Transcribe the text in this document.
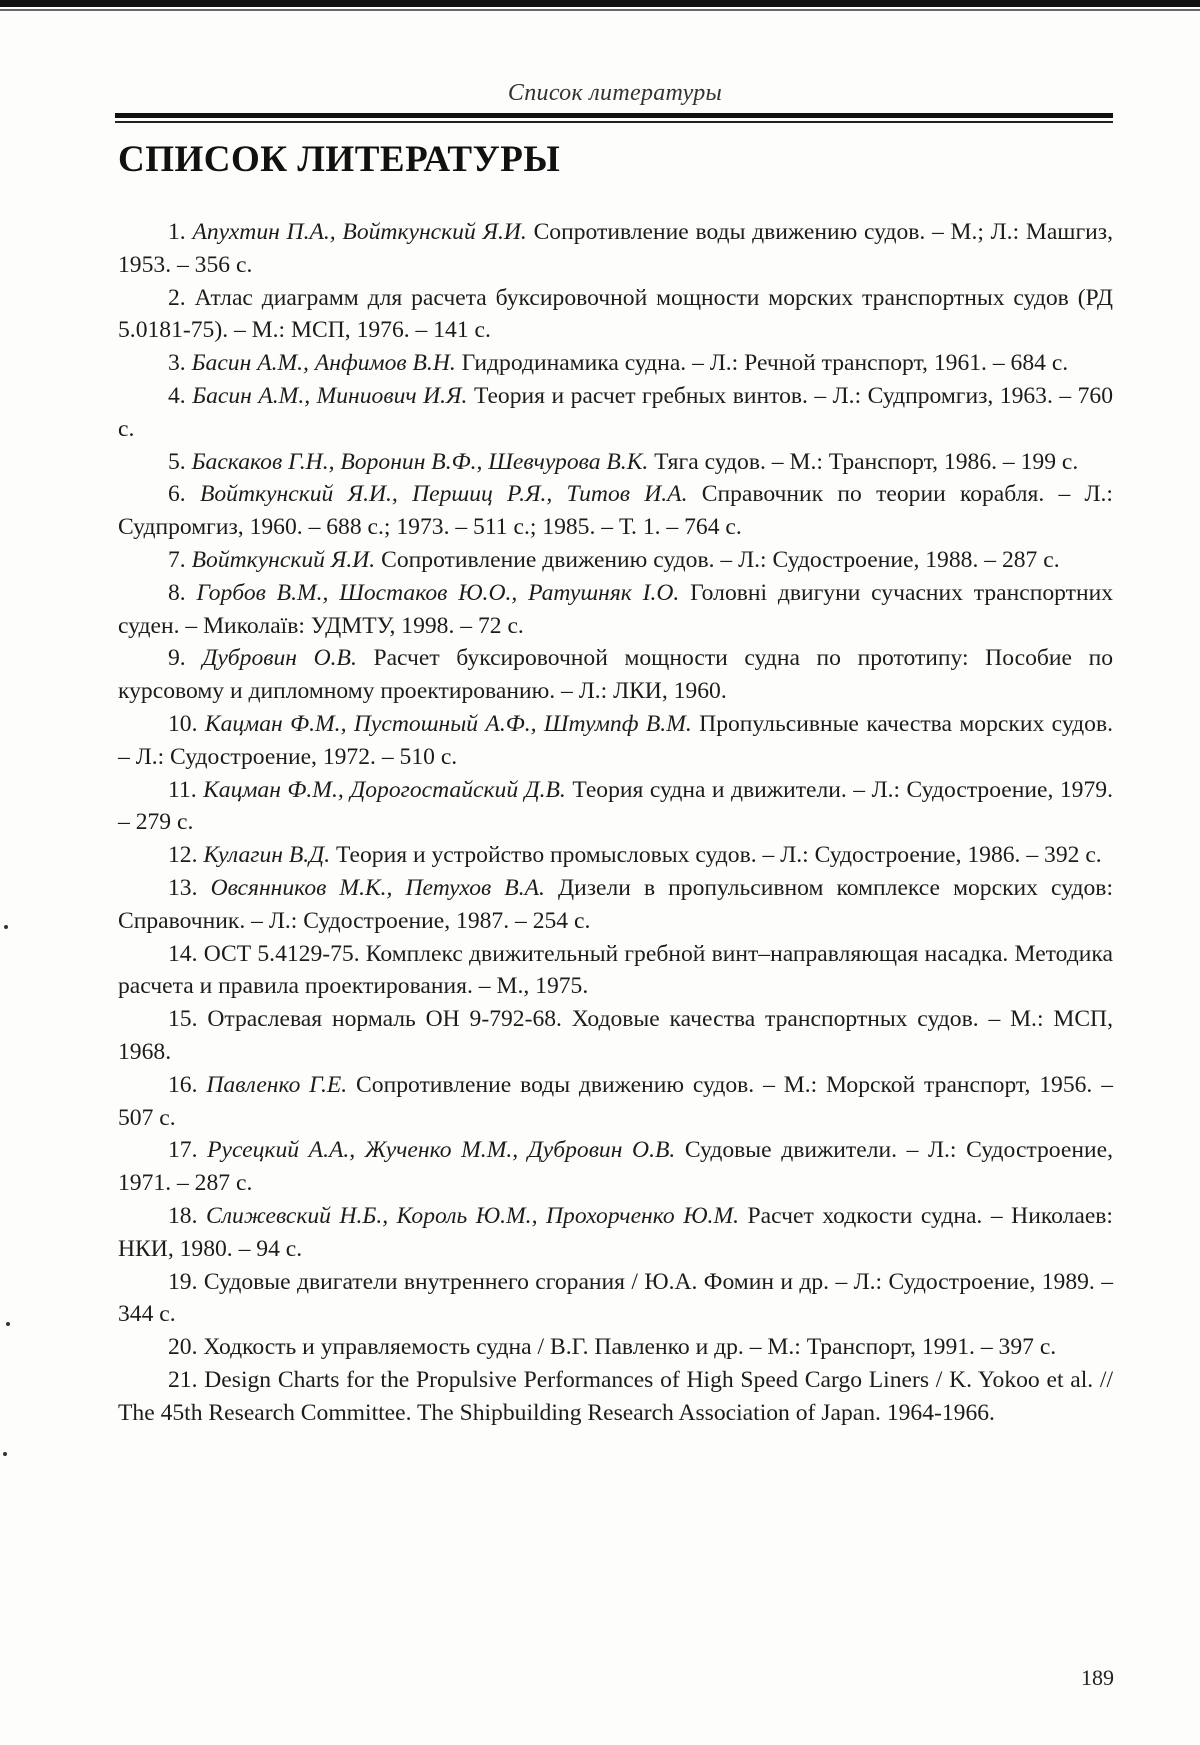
Список литературы
СПИСОК ЛИТЕРАТУРЫ
1. Апухтин П.А., Войткунский Я.И. Сопротивление воды движению судов. – М.; Л.: Машгиз, 1953. – 356 с.
2. Атлас диаграмм для расчета буксировочной мощности морских транспортных судов (РД 5.0181-75). – М.: МСП, 1976. – 141 с.
3. Басин А.М., Анфимов В.Н. Гидродинамика судна. – Л.: Речной транспорт, 1961. – 684 с.
4. Басин А.М., Миниович И.Я. Теория и расчет гребных винтов. – Л.: Судпромгиз, 1963. – 760 с.
5. Баскаков Г.Н., Воронин В.Ф., Шевчурова В.К. Тяга судов. – М.: Транспорт, 1986. – 199 с.
6. Войткунский Я.И., Першиц Р.Я., Титов И.А. Справочник по теории корабля. – Л.: Судпромгиз, 1960. – 688 с.; 1973. – 511 с.; 1985. – Т. 1. – 764 с.
7. Войткунский Я.И. Сопротивление движению судов. – Л.: Судостроение, 1988. – 287 с.
8. Горбов В.М., Шостаков Ю.О., Ратушняк І.О. Головні двигуни сучасних транспортних суден. – Миколаїв: УДМТУ, 1998. – 72 с.
9. Дубровин О.В. Расчет буксировочной мощности судна по прототипу: Пособие по курсовому и дипломному проектированию. – Л.: ЛКИ, 1960.
10. Кацман Ф.М., Пустошный А.Ф., Штумпф В.М. Пропульсивные качества морских судов. – Л.: Судостроение, 1972. – 510 с.
11. Кацман Ф.М., Дорогостайский Д.В. Теория судна и движители. – Л.: Судостроение, 1979. – 279 с.
12. Кулагин В.Д. Теория и устройство промысловых судов. – Л.: Судостроение, 1986. – 392 с.
13. Овсянников М.К., Петухов В.А. Дизели в пропульсивном комплексе морских судов: Справочник. – Л.: Судостроение, 1987. – 254 с.
14. ОСТ 5.4129-75. Комплекс движительный гребной винт–направляющая насадка. Методика расчета и правила проектирования. – М., 1975.
15. Отраслевая нормаль ОН 9-792-68. Ходовые качества транспортных судов. – М.: МСП, 1968.
16. Павленко Г.Е. Сопротивление воды движению судов. – М.: Морской транспорт, 1956. – 507 с.
17. Русецкий А.А., Жученко М.М., Дубровин О.В. Судовые движители. – Л.: Судостроение, 1971. – 287 с.
18. Слижевский Н.Б., Король Ю.М., Прохорченко Ю.М. Расчет ходкости судна. – Николаев: НКИ, 1980. – 94 с.
19. Судовые двигатели внутреннего сгорания / Ю.А. Фомин и др. – Л.: Судостроение, 1989. – 344 с.
20. Ходкость и управляемость судна / В.Г. Павленко и др. – М.: Транспорт, 1991. – 397 с.
21. Design Charts for the Propulsive Performances of High Speed Cargo Liners / K. Yokoo et al. // The 45th Research Committee. The Shipbuilding Research Association of Japan. 1964-1966.
189
